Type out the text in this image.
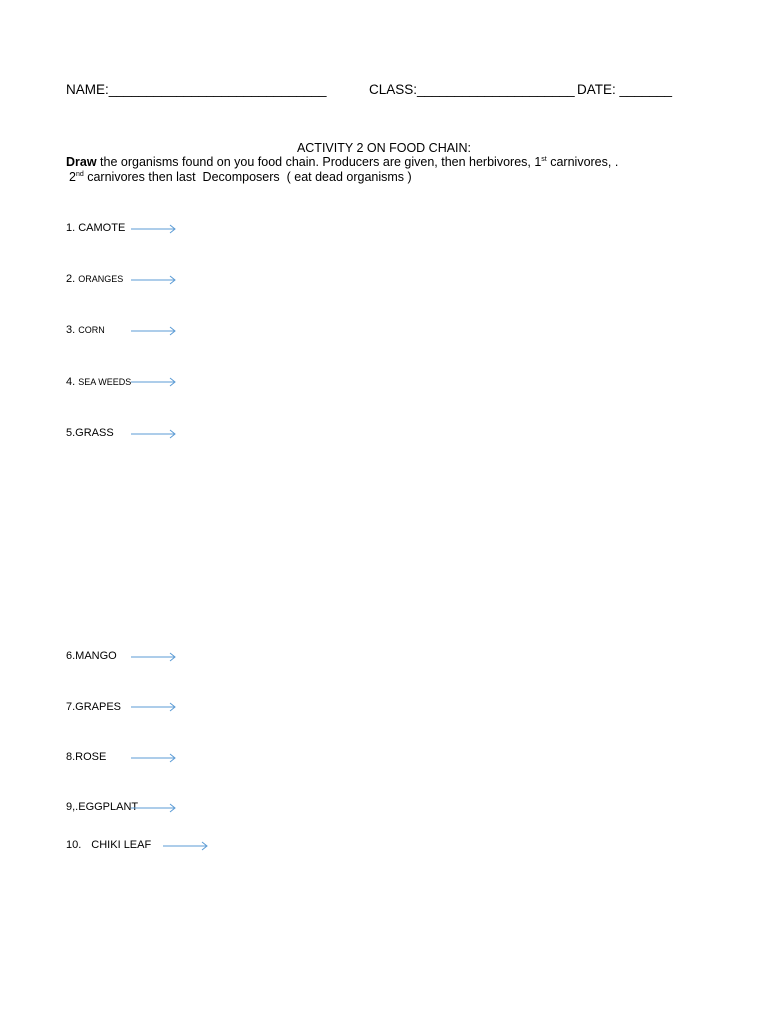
NAME:_____________________________	CLASS:_____________________ DATE: _______
ACTIVITY 2 ON FOOD CHAIN:
Draw the organisms found on you food chain. Producers are given, then herbivores, 1st carnivores, .
2nd carnivores then last  Decomposers  ( eat dead organisms )
1. CAMOTE
2. ORANGES
3. CORN
4. SEA WEEDS
5.GRASS
6.MANGO
7.GRAPES
8.ROSE
9,.EGGPLANT
10. CHIKI LEAF
